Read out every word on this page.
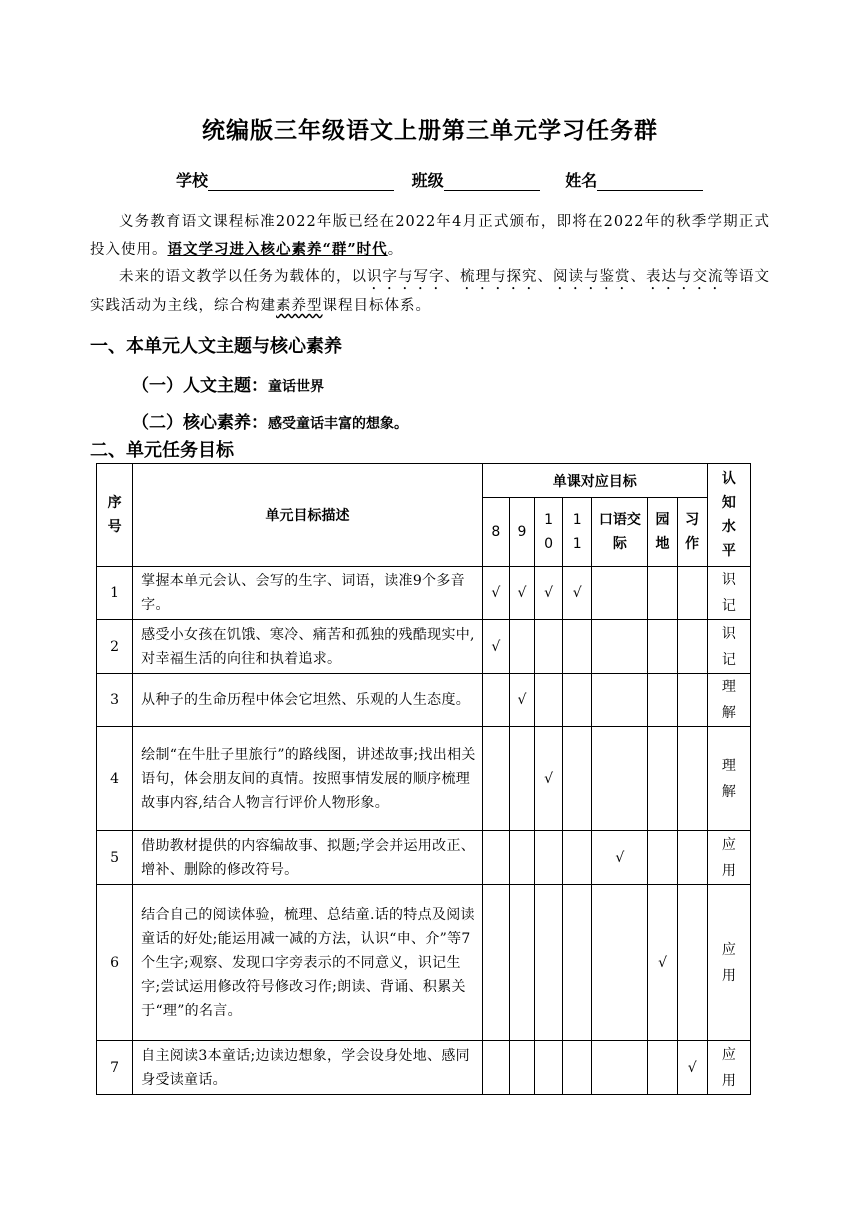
统编版三年级语文上册第三单元学习任务群
学校	班级	姓名
义务教育语文课程标准2022年版已经在2022年4月正式颁布，即将在2022年的秋季学期正式投入使用。语文学习进入核心素养“群”时代。
未来的语文教学以任务为载体的，以识字与写字、梳理与探究、阅读与鉴赏、表达与交流等语文实践活动为主线，综合构建素养型课程目标体系。
一、本单元人文主题与核心素养
（一）人文主题：童话世界
（二）核心素养：感受童话丰富的想象。
二、单元任务目标
序号	单元目标描述	单课对应目标							认知水平
		8	9	10	11	口语交际	园地	习作	
1	掌握本单元会认、会写的生字、词语，读准9个多音字。	√	√	√	√				识记
2	感受小女孩在饥饿、寒冷、痛苦和孤独的残酷现实中,对幸福生活的向往和执着追求。	√							识记
3	从种子的生命历程中体会它坦然、乐观的人生态度。		√						理解
4	绘制“在牛肚子里旅行”的路线图，讲述故事;找出相关语句，体会朋友间的真情。按照事情发展的顺序梳理故事内容,结合人物言行评价人物形象。			√					理解
5	借助教材提供的内容编故事、拟题;学会并运用改正、增补、删除的修改符号。					√			应用
6	结合自己的阅读体验，梳理、总结童.话的特点及阅读童话的好处;能运用减一减的方法，认识“申、介”等7个生字;观察、发现口字旁表示的不同意义，识记生字;尝试运用修改符号修改习作;朗读、背诵、积累关于“理”的名言。						√		应用
7	自主阅读3本童话;边读边想象，学会设身处地、感同身受读童话。							√	应用
